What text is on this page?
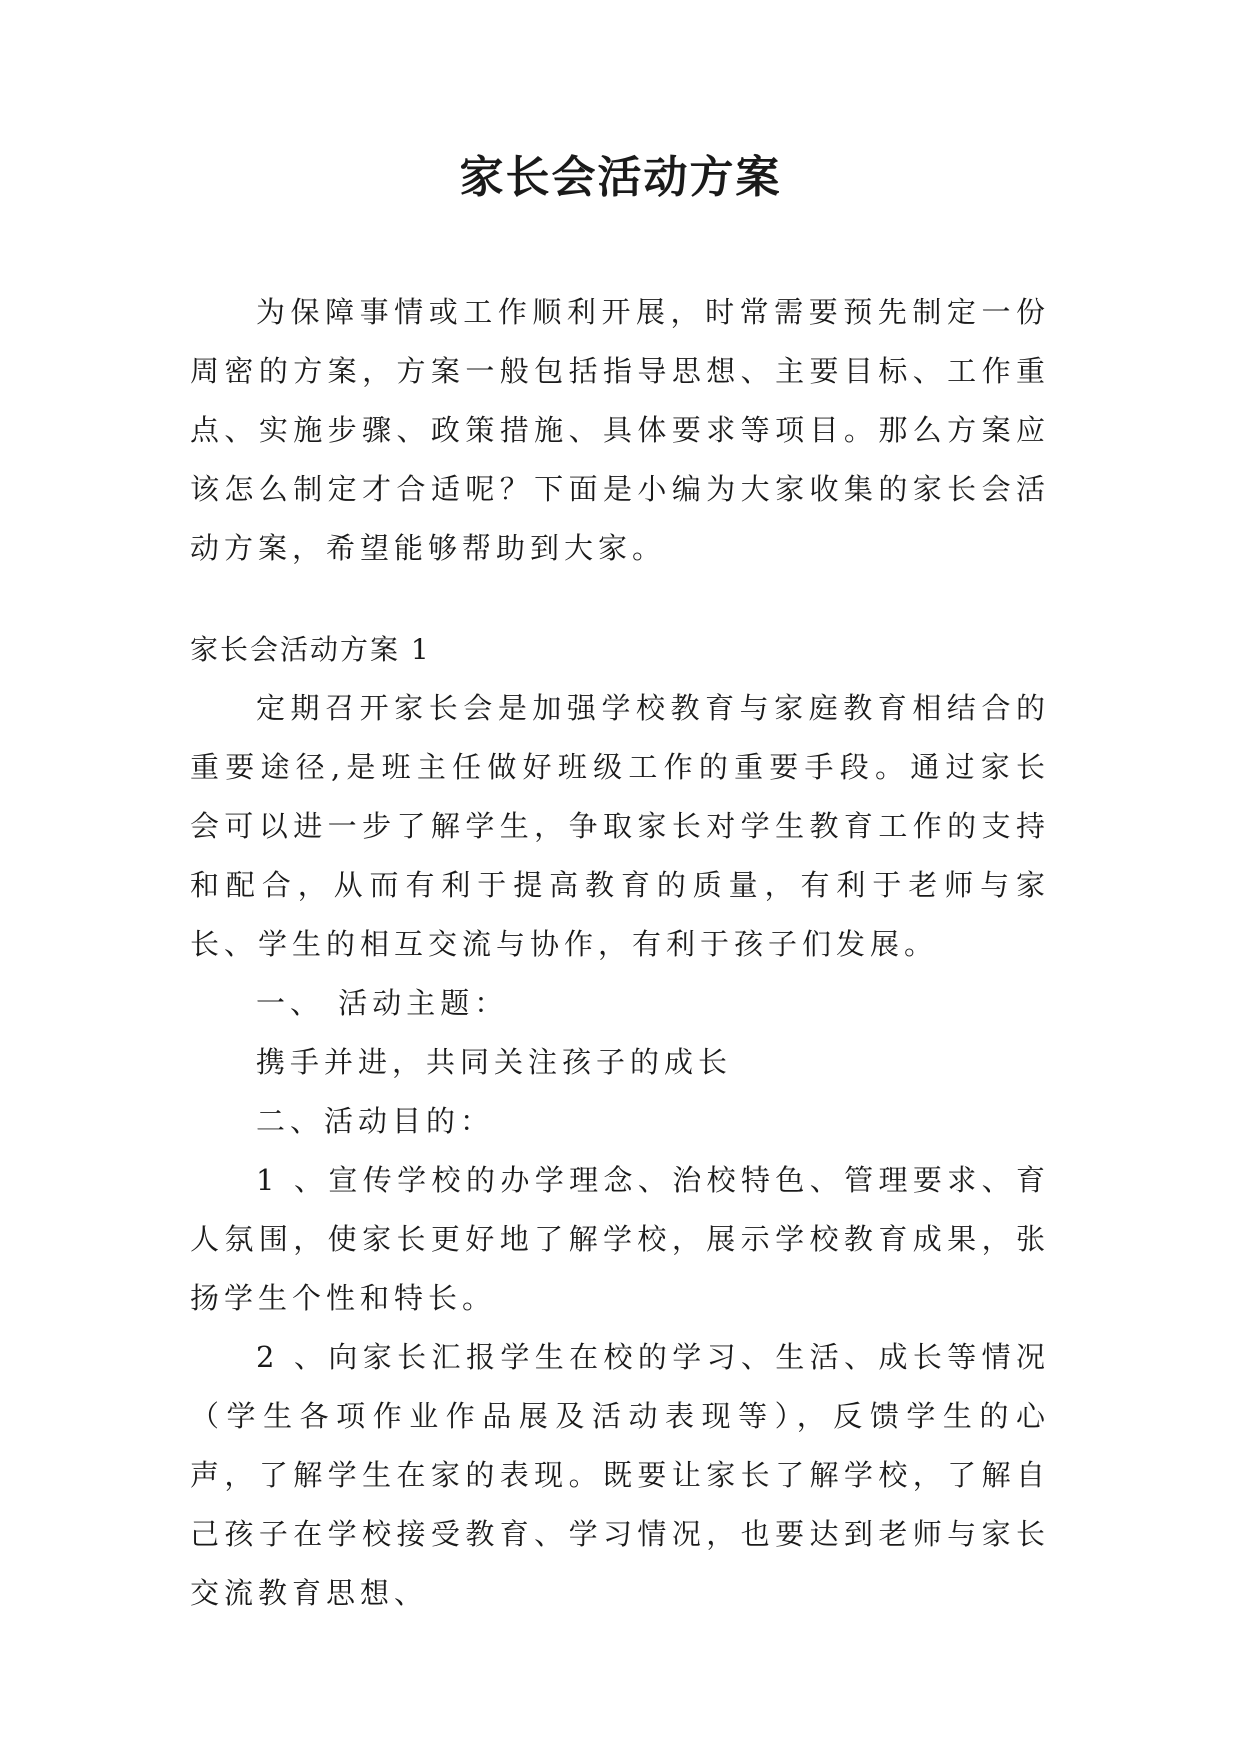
家长会活动方案

为保障事情或工作顺利开展，时常需要预先制定一份周密的方案，方案一般包括指导思想、主要目标、工作重点、实施步骤、政策措施、具体要求等项目。那么方案应该怎么制定才合适呢？下面是小编为大家收集的家长会活动方案，希望能够帮助到大家。

家长会活动方案 1

定期召开家长会是加强学校教育与家庭教育相结合的重要途径,是班主任做好班级工作的重要手段。通过家长会可以进一步了解学生，争取家长对学生教育工作的支持和配合，从而有利于提高教育的质量，有利于老师与家长、学生的相互交流与协作，有利于孩子们发展。

一、 活动主题：

携手并进，共同关注孩子的成长

二、活动目的：

1 、宣传学校的办学理念、治校特色、管理要求、育人氛围，使家长更好地了解学校，展示学校教育成果，张扬学生个性和特长。

2 、向家长汇报学生在校的学习、生活、成长等情况（学生各项作业作品展及活动表现等），反馈学生的心声，了解学生在家的表现。既要让家长了解学校，了解自己孩子在学校接受教育、学习情况，也要达到老师与家长交流教育思想、
